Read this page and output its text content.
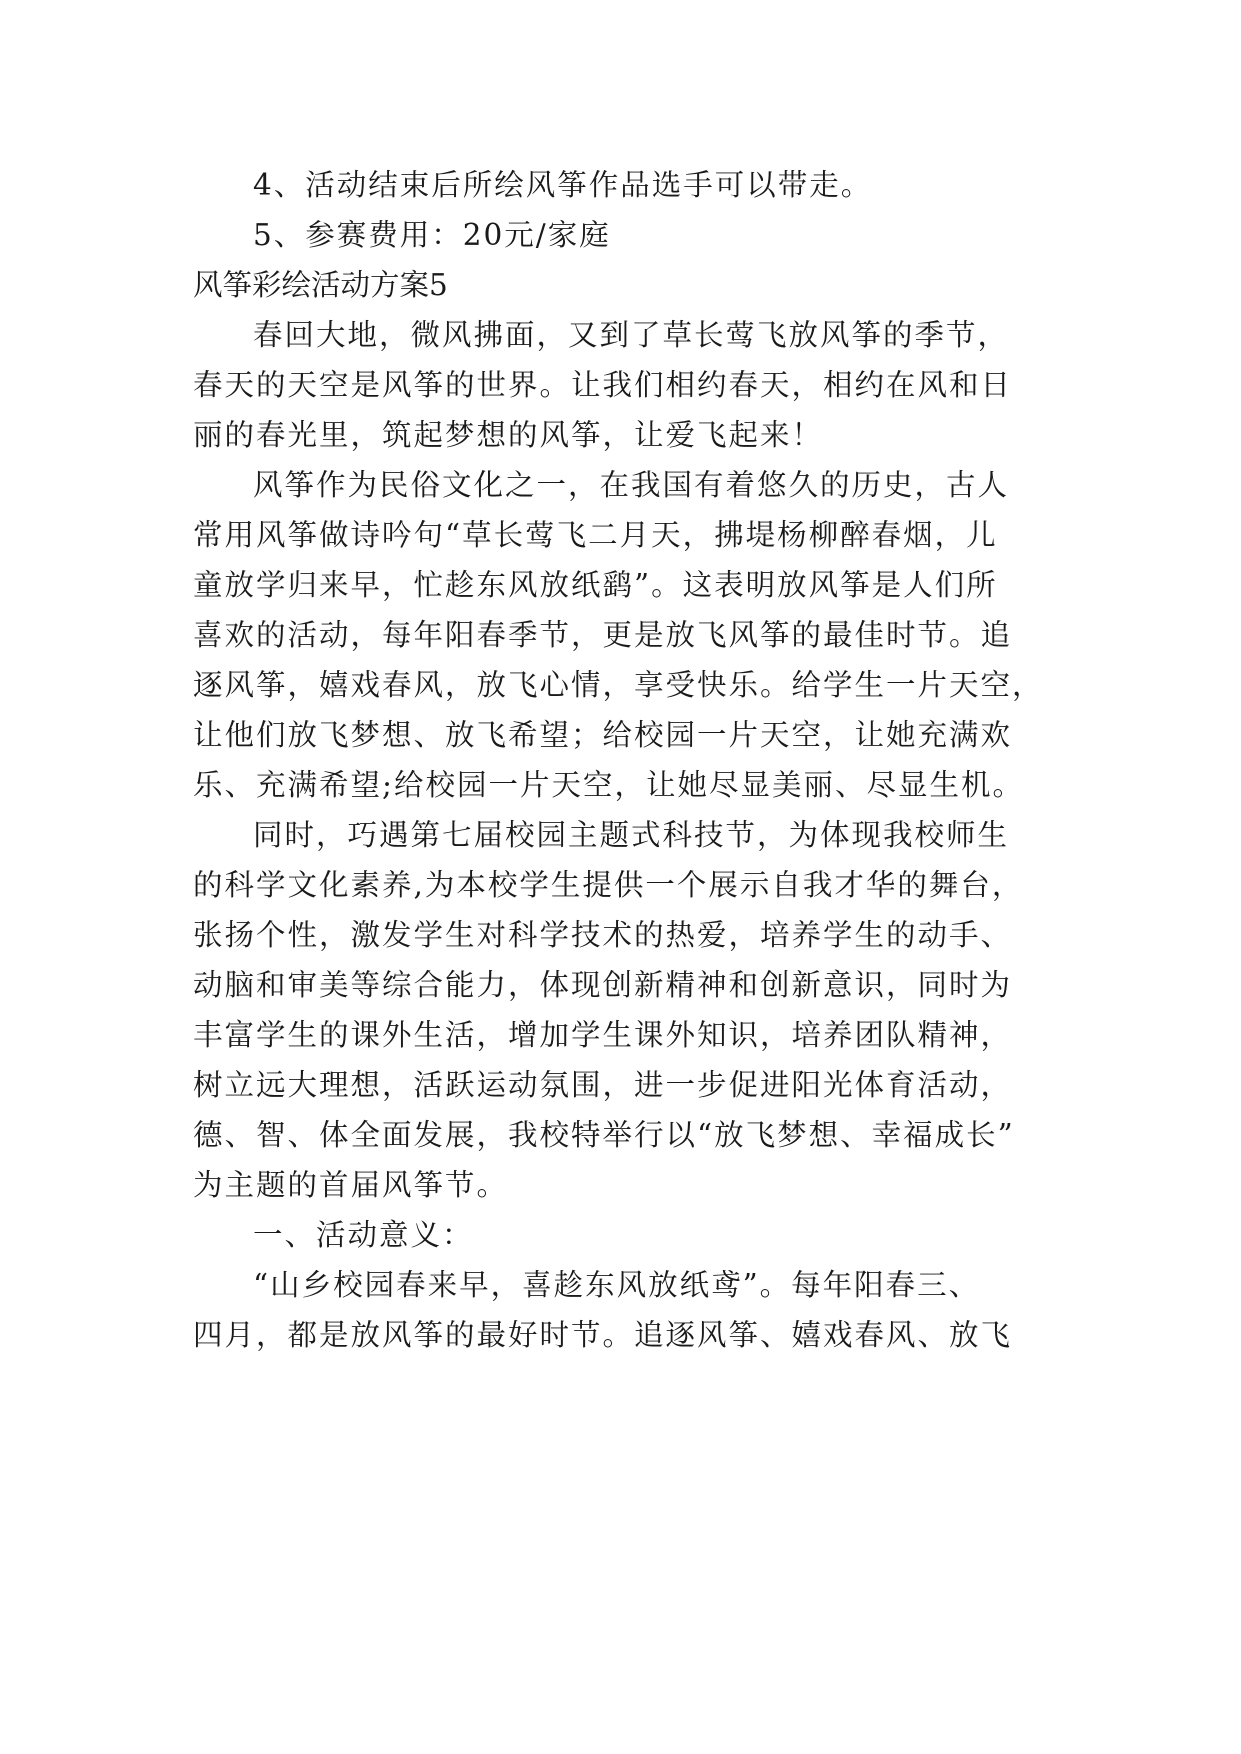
4、活动结束后所绘风筝作品选手可以带走。

5、参赛费用：20元/家庭

风筝彩绘活动方案5

春回大地，微风拂面，又到了草长莺飞放风筝的季节，

春天的天空是风筝的世界。让我们相约春天，相约在风和日

丽的春光里，筑起梦想的风筝，让爱飞起来！

风筝作为民俗文化之一，在我国有着悠久的历史，古人

常用风筝做诗吟句“草长莺飞二月天，拂堤杨柳醉春烟，儿

童放学归来早，忙趁东风放纸鹞”。这表明放风筝是人们所

喜欢的活动，每年阳春季节，更是放飞风筝的最佳时节。追

逐风筝，嬉戏春风，放飞心情，享受快乐。给学生一片天空，

让他们放飞梦想、放飞希望；给校园一片天空，让她充满欢

乐、充满希望;给校园一片天空，让她尽显美丽、尽显生机。

同时，巧遇第七届校园主题式科技节，为体现我校师生

的科学文化素养,为本校学生提供一个展示自我才华的舞台，

张扬个性，激发学生对科学技术的热爱，培养学生的动手、

动脑和审美等综合能力，体现创新精神和创新意识，同时为

丰富学生的课外生活，增加学生课外知识，培养团队精神，

树立远大理想，活跃运动氛围，进一步促进阳光体育活动，

德、智、体全面发展，我校特举行以“放飞梦想、幸福成长”

为主题的首届风筝节。

一、活动意义：

“山乡校园春来早，喜趁东风放纸鸢”。每年阳春三、

四月，都是放风筝的最好时节。追逐风筝、嬉戏春风、放飞
